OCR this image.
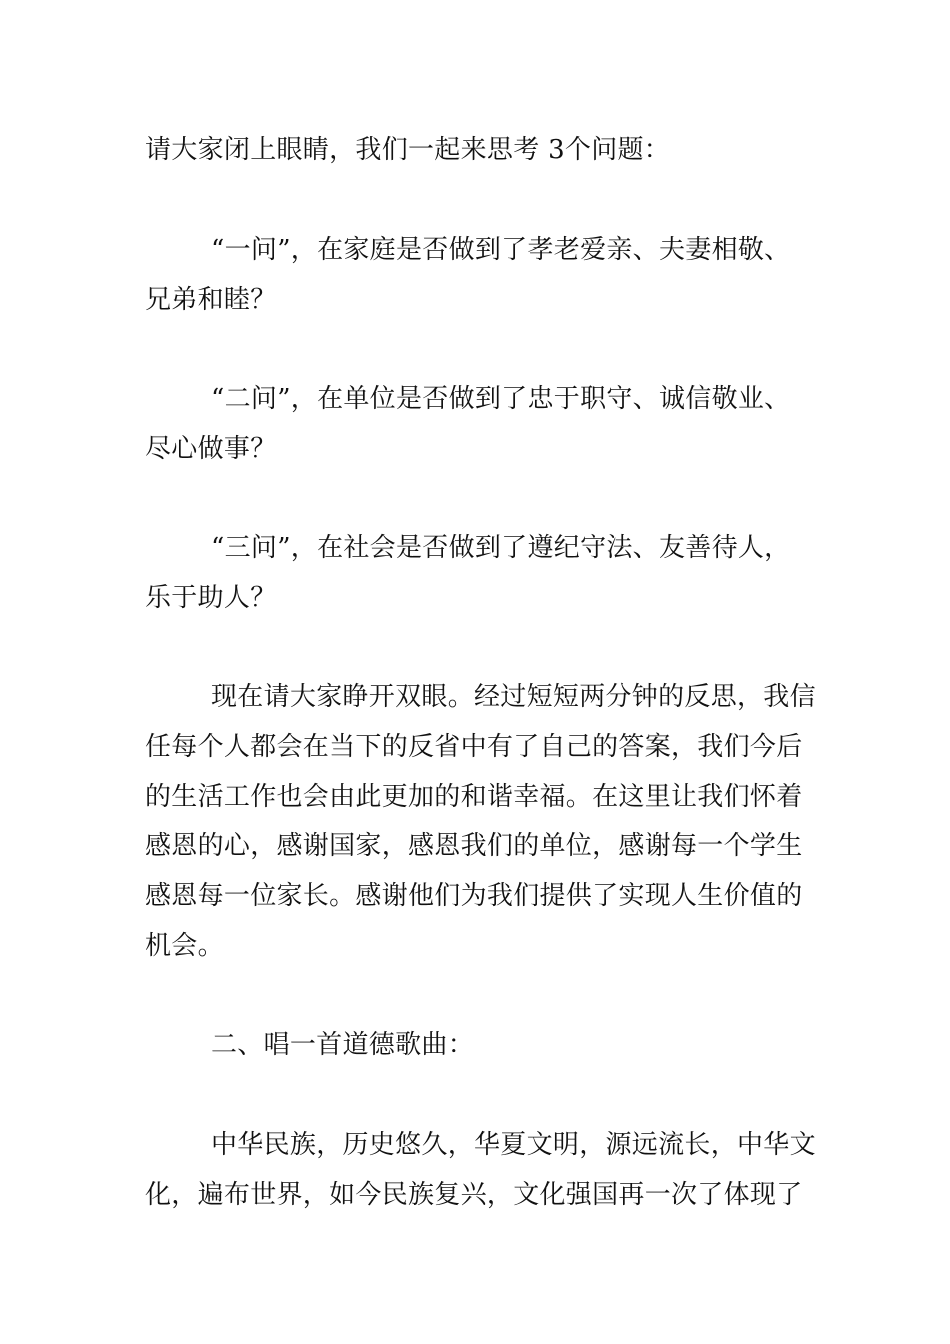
请大家闭上眼睛，我们一起来思考 3个问题：
“一问”，在家庭是否做到了孝老爱亲、夫妻相敬、
兄弟和睦？
“二问”，在单位是否做到了忠于职守、诚信敬业、
尽心做事？
“三问”，在社会是否做到了遵纪守法、友善待人，
乐于助人？
现在请大家睁开双眼。经过短短两分钟的反思，我信
任每个人都会在当下的反省中有了自己的答案，我们今后
的生活工作也会由此更加的和谐幸福。在这里让我们怀着
感恩的心，感谢国家，感恩我们的单位，感谢每一个学生
感恩每一位家长。感谢他们为我们提供了实现人生价值的
机会。
二、唱一首道德歌曲：
中华民族，历史悠久，华夏文明，源远流长，中华文
化，遍布世界，如今民族复兴，文化强国再一次了体现了
